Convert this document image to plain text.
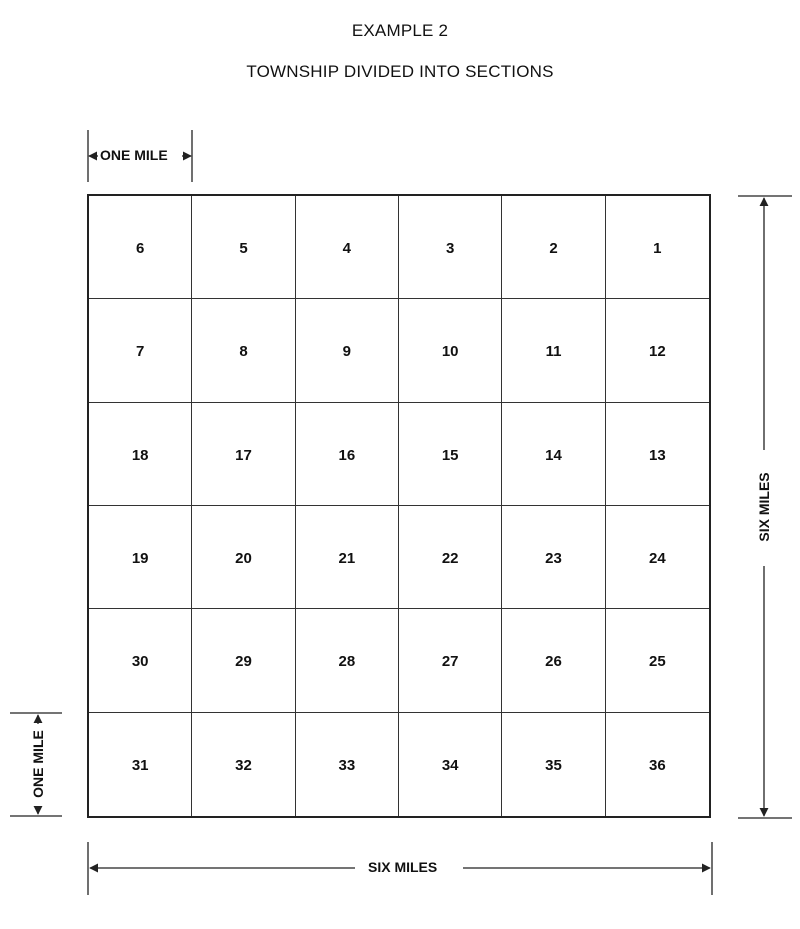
EXAMPLE 2
TOWNSHIP DIVIDED INTO SECTIONS
ONE MILE
SIX MILES
SIX MILES
ONE MILE
6	5	4	3	2	1
7	8	9	10	11	12
18	17	16	15	14	13
19	20	21	22	23	24
30	29	28	27	26	25
31	32	33	34	35	36
